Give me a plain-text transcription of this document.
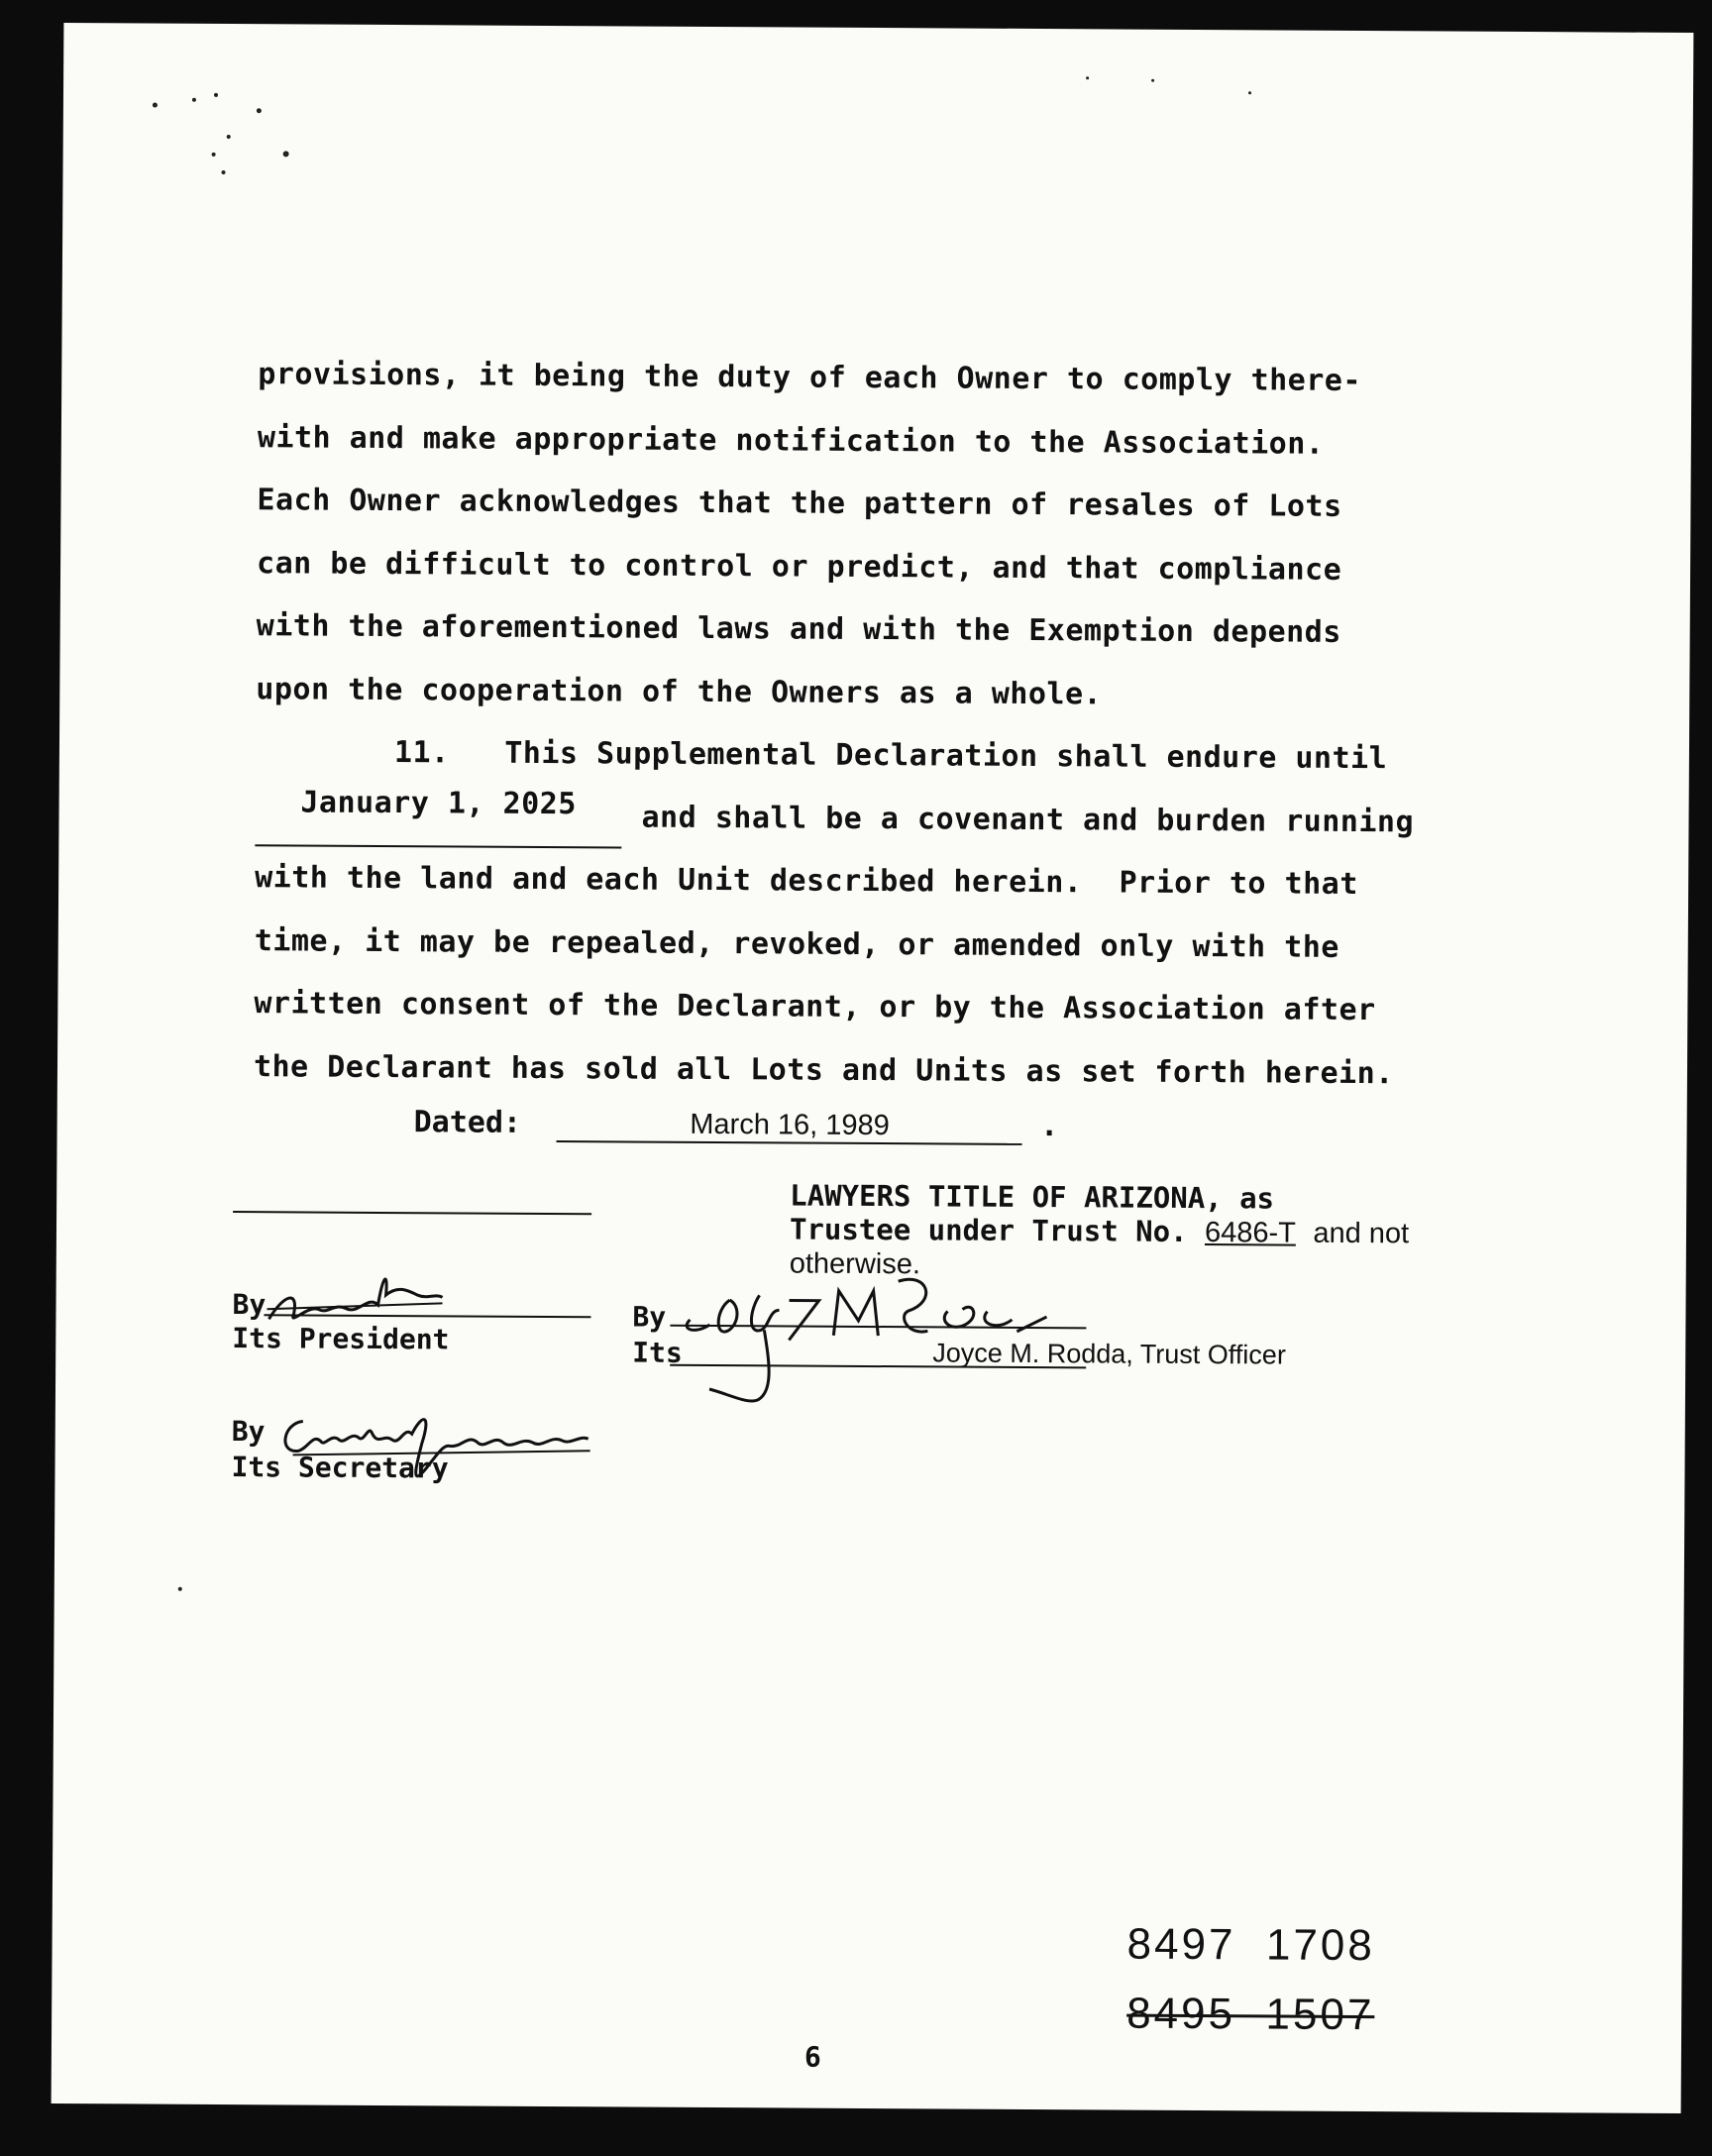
provisions, it being the duty of each Owner to comply there-
with and make appropriate notification to the Association.
Each Owner acknowledges that the pattern of resales of Lots
can be difficult to control or predict, and that compliance
with the aforementioned laws and with the Exemption depends
upon the cooperation of the Owners as a whole.
11.   This Supplemental Declaration shall endure until
January 1, 2025	and shall be a covenant and burden running
with the land and each Unit described herein.  Prior to that
time, it may be repealed, revoked, or amended only with the
written consent of the Declarant, or by the Association after
the Declarant has sold all Lots and Units as set forth herein.
Dated:	March 16, 1989	.
LAWYERS TITLE OF ARIZONA, as
Trustee under Trust No. 6486-T and not
otherwise.
By
Its President
By
Its Secretary
By
Its	Joyce M. Rodda, Trust Officer
8497  1708
8495  1507
6
